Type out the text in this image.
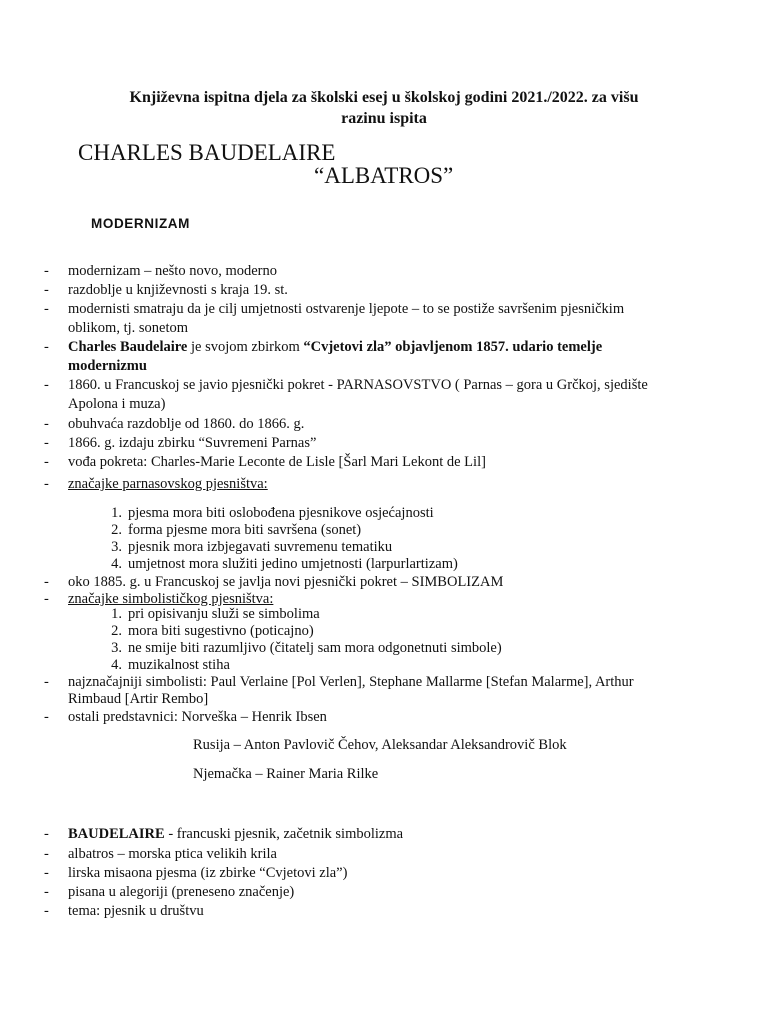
Književna ispitna djela za školski esej u školskoj godini 2021./2022. za višu
razinu ispita
CHARLES BAUDELAIRE
“ALBATROS”
MODERNIZAM
- modernizam – nešto novo, moderno
- razdoblje u književnosti s kraja 19. st.
- modernisti smatraju da je cilj umjetnosti ostvarenje ljepote – to se postiže savršenim pjesničkim
oblikom, tj. sonetom
- Charles Baudelaire je svojom zbirkom “Cvjetovi zla” objavljenom 1857. udario temelje
modernizmu
- 1860. u Francuskoj se javio pjesnički pokret - PARNASOVSTVO ( Parnas – gora u Grčkoj, sjedište
Apolona i muza)
- obuhvaća razdoblje od 1860. do 1866. g.
- 1866. g. izdaju zbirku “Suvremeni Parnas”
- vođa pokreta: Charles-Marie Leconte de Lisle [Šarl Mari Lekont de Lil]
- značajke parnasovskog pjesništva:
1. pjesma mora biti oslobođena pjesnikove osjećajnosti
2. forma pjesme mora biti savršena (sonet)
3. pjesnik mora izbjegavati suvremenu tematiku
4. umjetnost mora služiti jedino umjetnosti (larpurlartizam)
- oko 1885. g. u Francuskoj se javlja novi pjesnički pokret – SIMBOLIZAM
- značajke simbolističkog pjesništva:
1. pri opisivanju služi se simbolima
2. mora biti sugestivno (poticajno)
3. ne smije biti razumljivo (čitatelj sam mora odgonetnuti simbole)
4. muzikalnost stiha
- najznačajniji simbolisti: Paul Verlaine [Pol Verlen], Stephane Mallarme [Stefan Malarme], Arthur
Rimbaud [Artir Rembo]
- ostali predstavnici: Norveška – Henrik Ibsen
Rusija – Anton Pavlovič Čehov, Aleksandar Aleksandrovič Blok
Njemačka – Rainer Maria Rilke
- BAUDELAIRE - francuski pjesnik, začetnik simbolizma
- albatros – morska ptica velikih krila
- lirska misaona pjesma (iz zbirke “Cvjetovi zla”)
- pisana u alegoriji (preneseno značenje)
- tema: pjesnik u društvu
